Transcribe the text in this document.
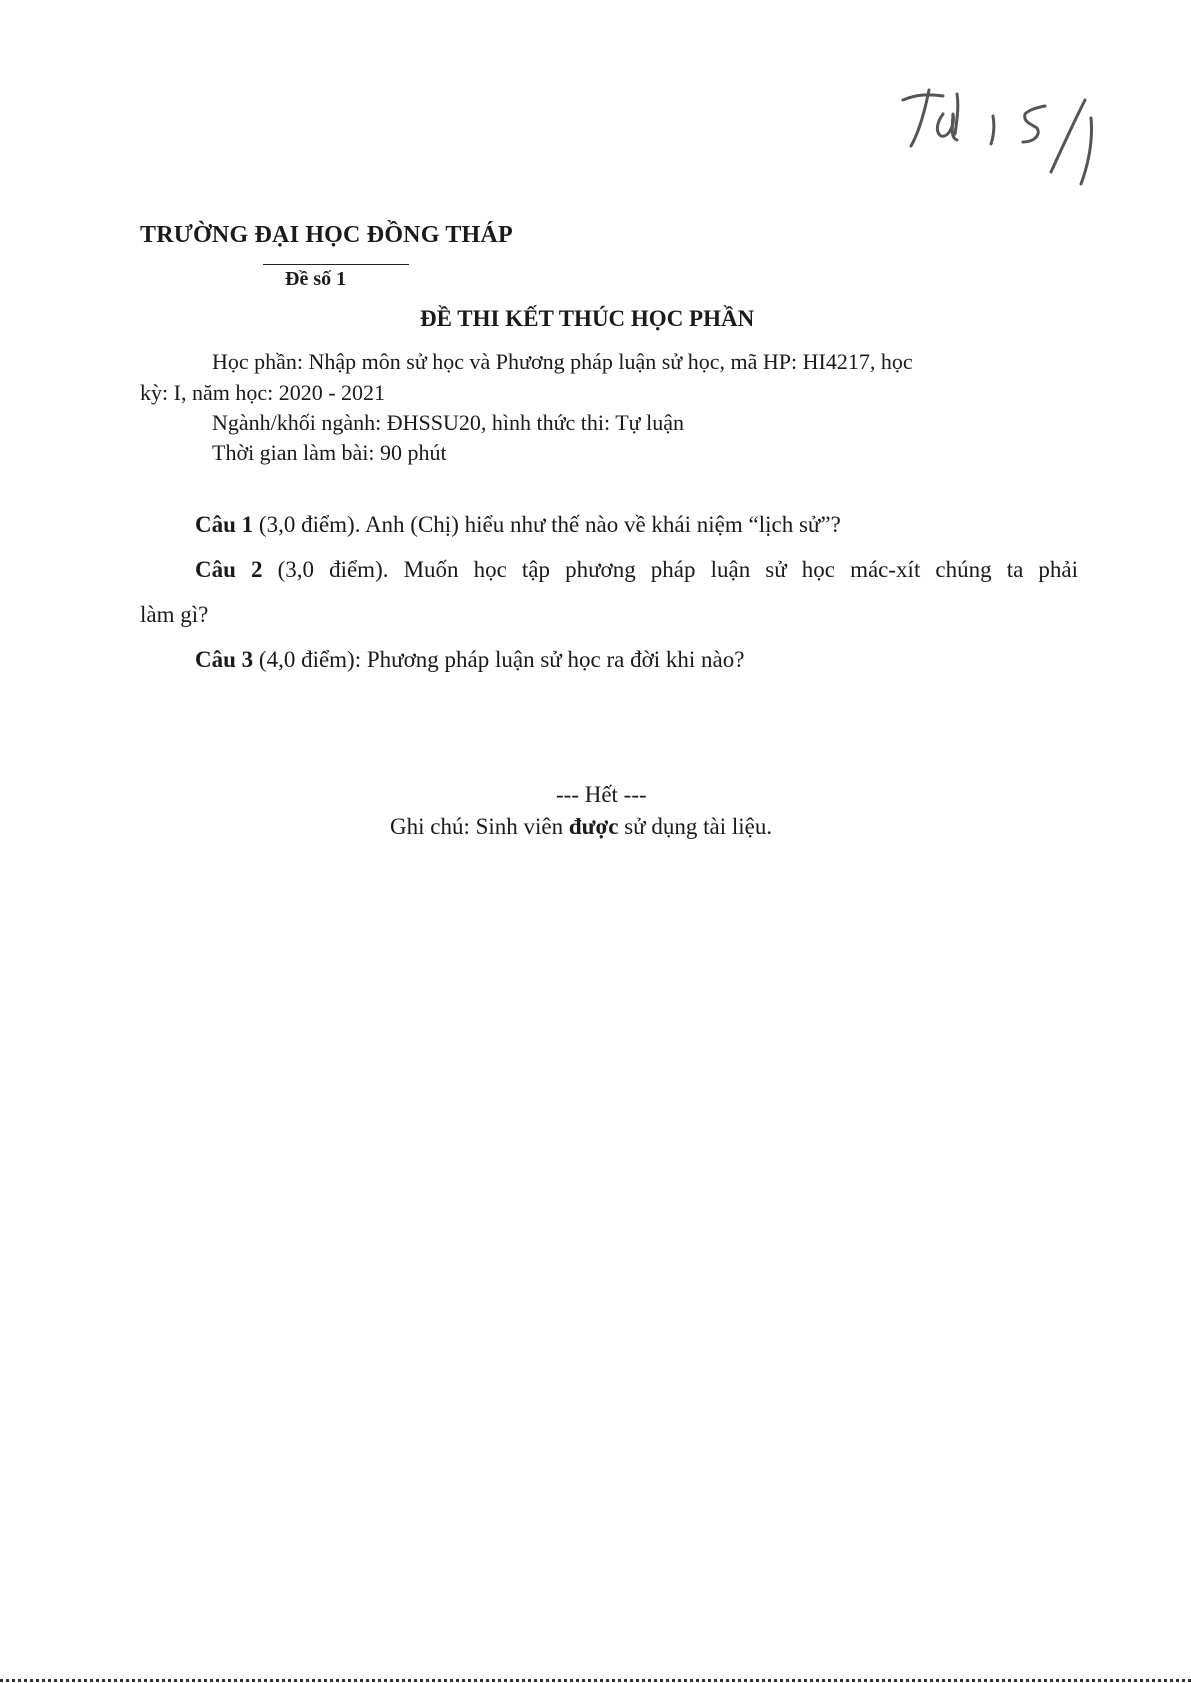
TRƯỜNG ĐẠI HỌC ĐỒNG THÁP
Đề số 1
ĐỀ THI KẾT THÚC HỌC PHẦN
Học phần: Nhập môn sử học và Phương pháp luận sử học, mã HP: HI4217, học
kỳ: I, năm học: 2020 - 2021
Ngành/khối ngành: ĐHSSU20, hình thức thi: Tự luận
Thời gian làm bài: 90 phút
Câu 1 (3,0 điểm). Anh (Chị) hiểu như thế nào về khái niệm “lịch sử”?
Câu 2 (3,0 điểm). Muốn học tập phương pháp luận sử học mác-xít chúng ta phải
làm gì?
Câu 3 (4,0 điểm): Phương pháp luận sử học ra đời khi nào?
--- Hết ---
Ghi chú: Sinh viên được sử dụng tài liệu.
